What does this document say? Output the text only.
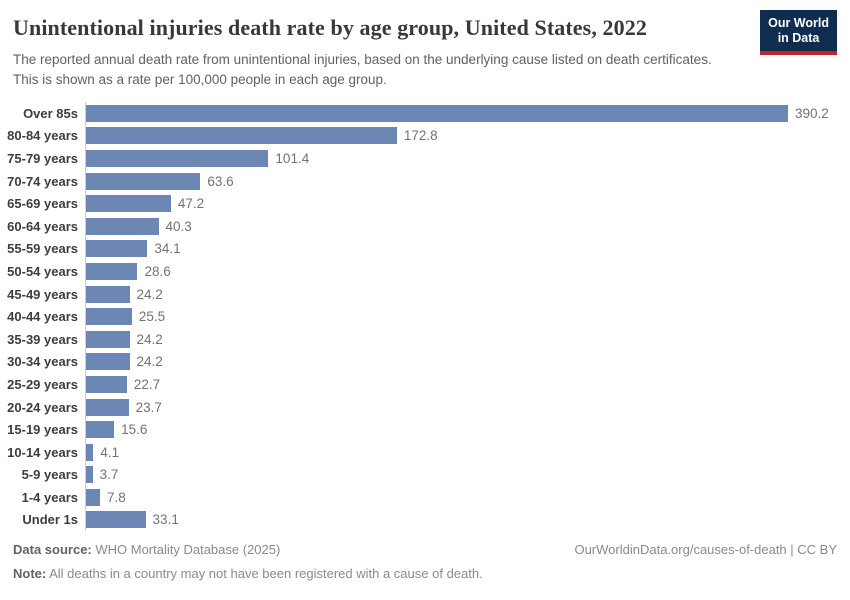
Unintentional injuries death rate by age group, United States, 2022

The reported annual death rate from unintentional injuries, based on the underlying cause listed on death certificates. This is shown as a rate per 100,000 people in each age group.

Our World
in Data
Over 85s	390.2
80-84 years	172.8
75-79 years	101.4
70-74 years	63.6
65-69 years	47.2
60-64 years	40.3
55-59 years	34.1
50-54 years	28.6
45-49 years	24.2
40-44 years	25.5
35-39 years	24.2
30-34 years	24.2
25-29 years	22.7
20-24 years	23.7
15-19 years	15.6
10-14 years	4.1
5-9 years	3.7
1-4 years	7.8
Under 1s	33.1
Data source: WHO Mortality Database (2025)	OurWorldinData.org/causes-of-death | CC BY
Note: All deaths in a country may not have been registered with a cause of death.
